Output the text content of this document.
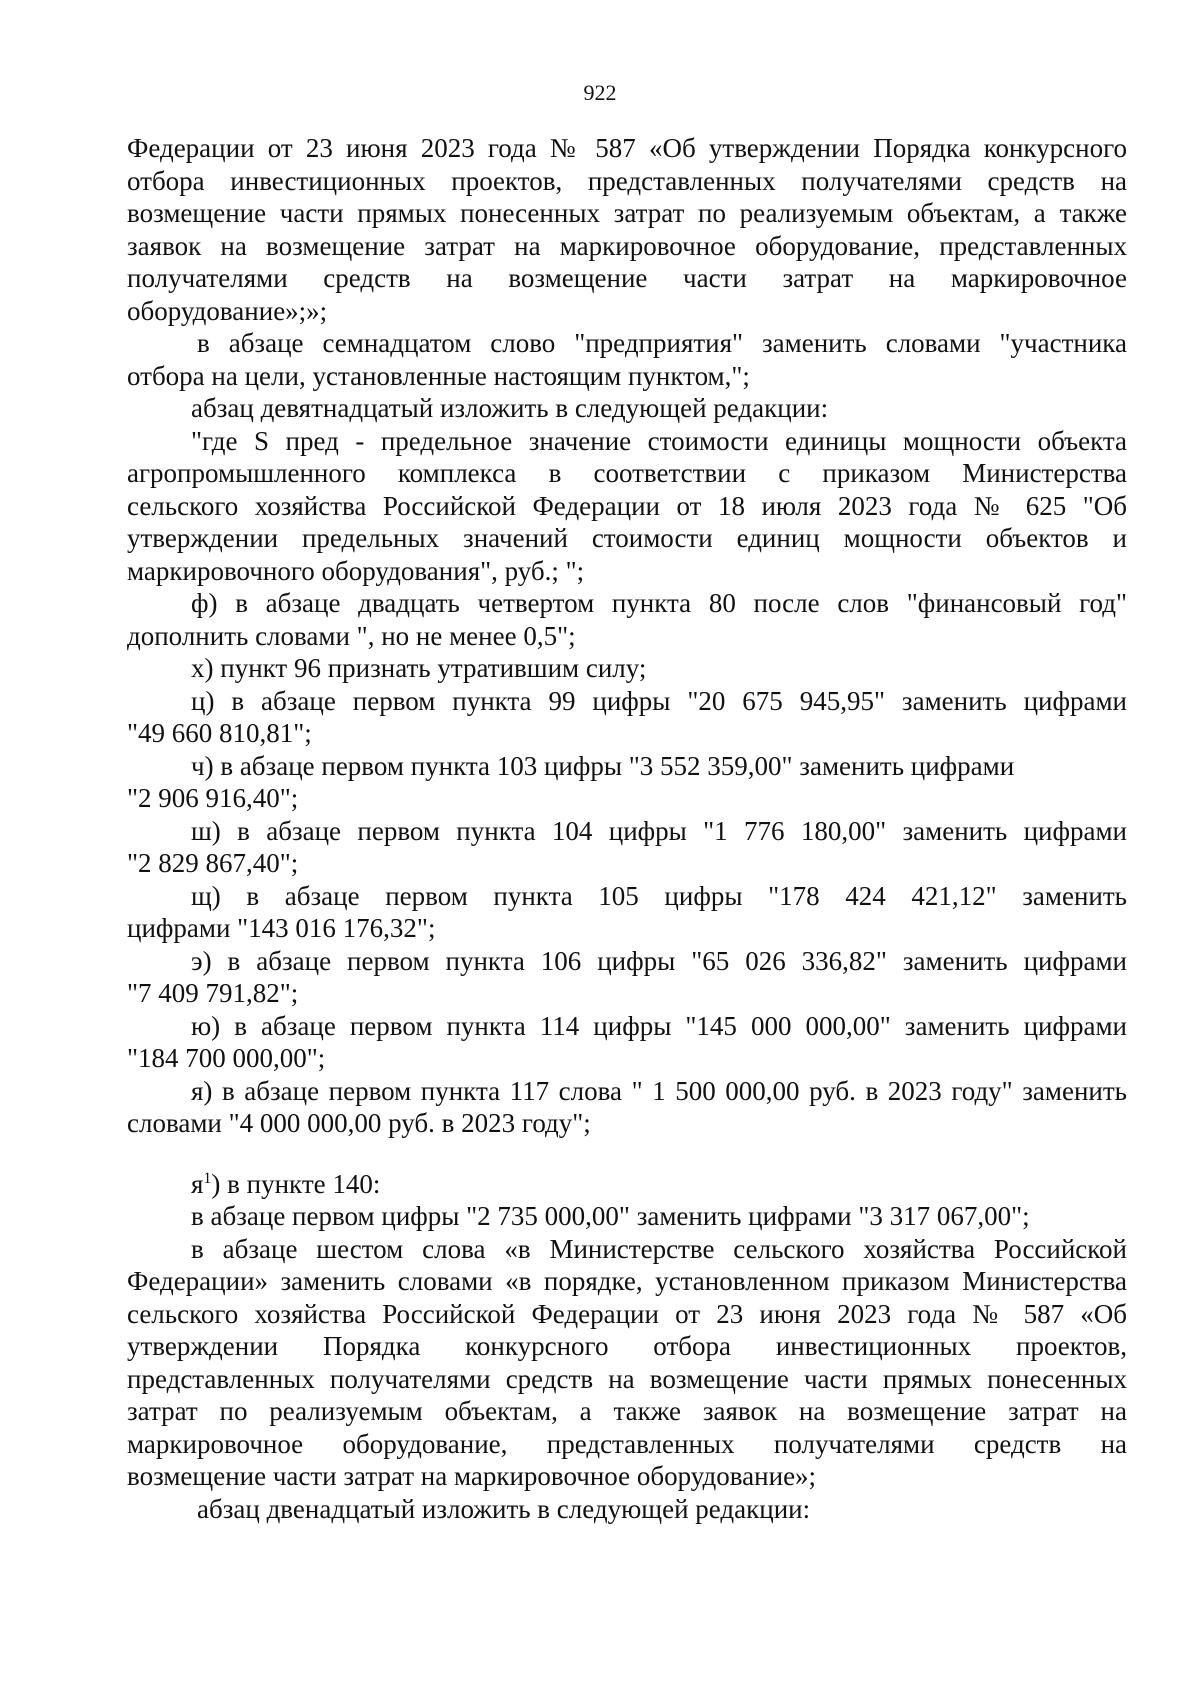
922
Федерации от 23 июня 2023 года № 587 «Об утверждении Порядка конкурсного
отбора инвестиционных проектов, представленных получателями средств на
возмещение части прямых понесенных затрат по реализуемым объектам, а также
заявок на возмещение затрат на маркировочное оборудование, представленных
получателями средств на возмещение части затрат на маркировочное
оборудование»;»;
в абзаце семнадцатом слово "предприятия" заменить словами "участника
отбора на цели, установленные настоящим пунктом,";
абзац девятнадцатый изложить в следующей редакции:
"где S пред - предельное значение стоимости единицы мощности объекта
агропромышленного комплекса в соответствии с приказом Министерства
сельского хозяйства Российской Федерации от 18 июля 2023 года № 625 "Об
утверждении предельных значений стоимости единиц мощности объектов и
маркировочного оборудования", руб.; ";
ф) в абзаце двадцать четвертом пункта 80 после слов "финансовый год"
дополнить словами ", но не менее 0,5";
х) пункт 96 признать утратившим силу;
ц) в абзаце первом пункта 99 цифры "20 675 945,95" заменить цифрами
"49 660 810,81";
ч) в абзаце первом пункта 103 цифры "3 552 359,00" заменить цифрами
"2 906 916,40";
ш) в абзаце первом пункта 104 цифры "1 776 180,00" заменить цифрами
"2 829 867,40";
щ) в абзаце первом пункта 105 цифры "178 424 421,12" заменить
цифрами "143 016 176,32";
э) в абзаце первом пункта 106 цифры "65 026 336,82" заменить цифрами
"7 409 791,82";
ю) в абзаце первом пункта 114 цифры "145 000 000,00" заменить цифрами
"184 700 000,00";
я) в абзаце первом пункта 117 слова " 1 500 000,00 руб. в 2023 году" заменить
словами "4 000 000,00 руб. в 2023 году";
$я^1$) в пункте 140:
в абзаце первом цифры "2 735 000,00" заменить цифрами "3 317 067,00";
в абзаце шестом слова «в Министерстве сельского хозяйства Российской
Федерации» заменить словами «в порядке, установленном приказом Министерства
сельского хозяйства Российской Федерации от 23 июня 2023 года № 587 «Об
утверждении Порядка конкурсного отбора инвестиционных проектов,
представленных получателями средств на возмещение части прямых понесенных
затрат по реализуемым объектам, а также заявок на возмещение затрат на
маркировочное оборудование, представленных получателями средств на
возмещение части затрат на маркировочное оборудование»;
абзац двенадцатый изложить в следующей редакции:
